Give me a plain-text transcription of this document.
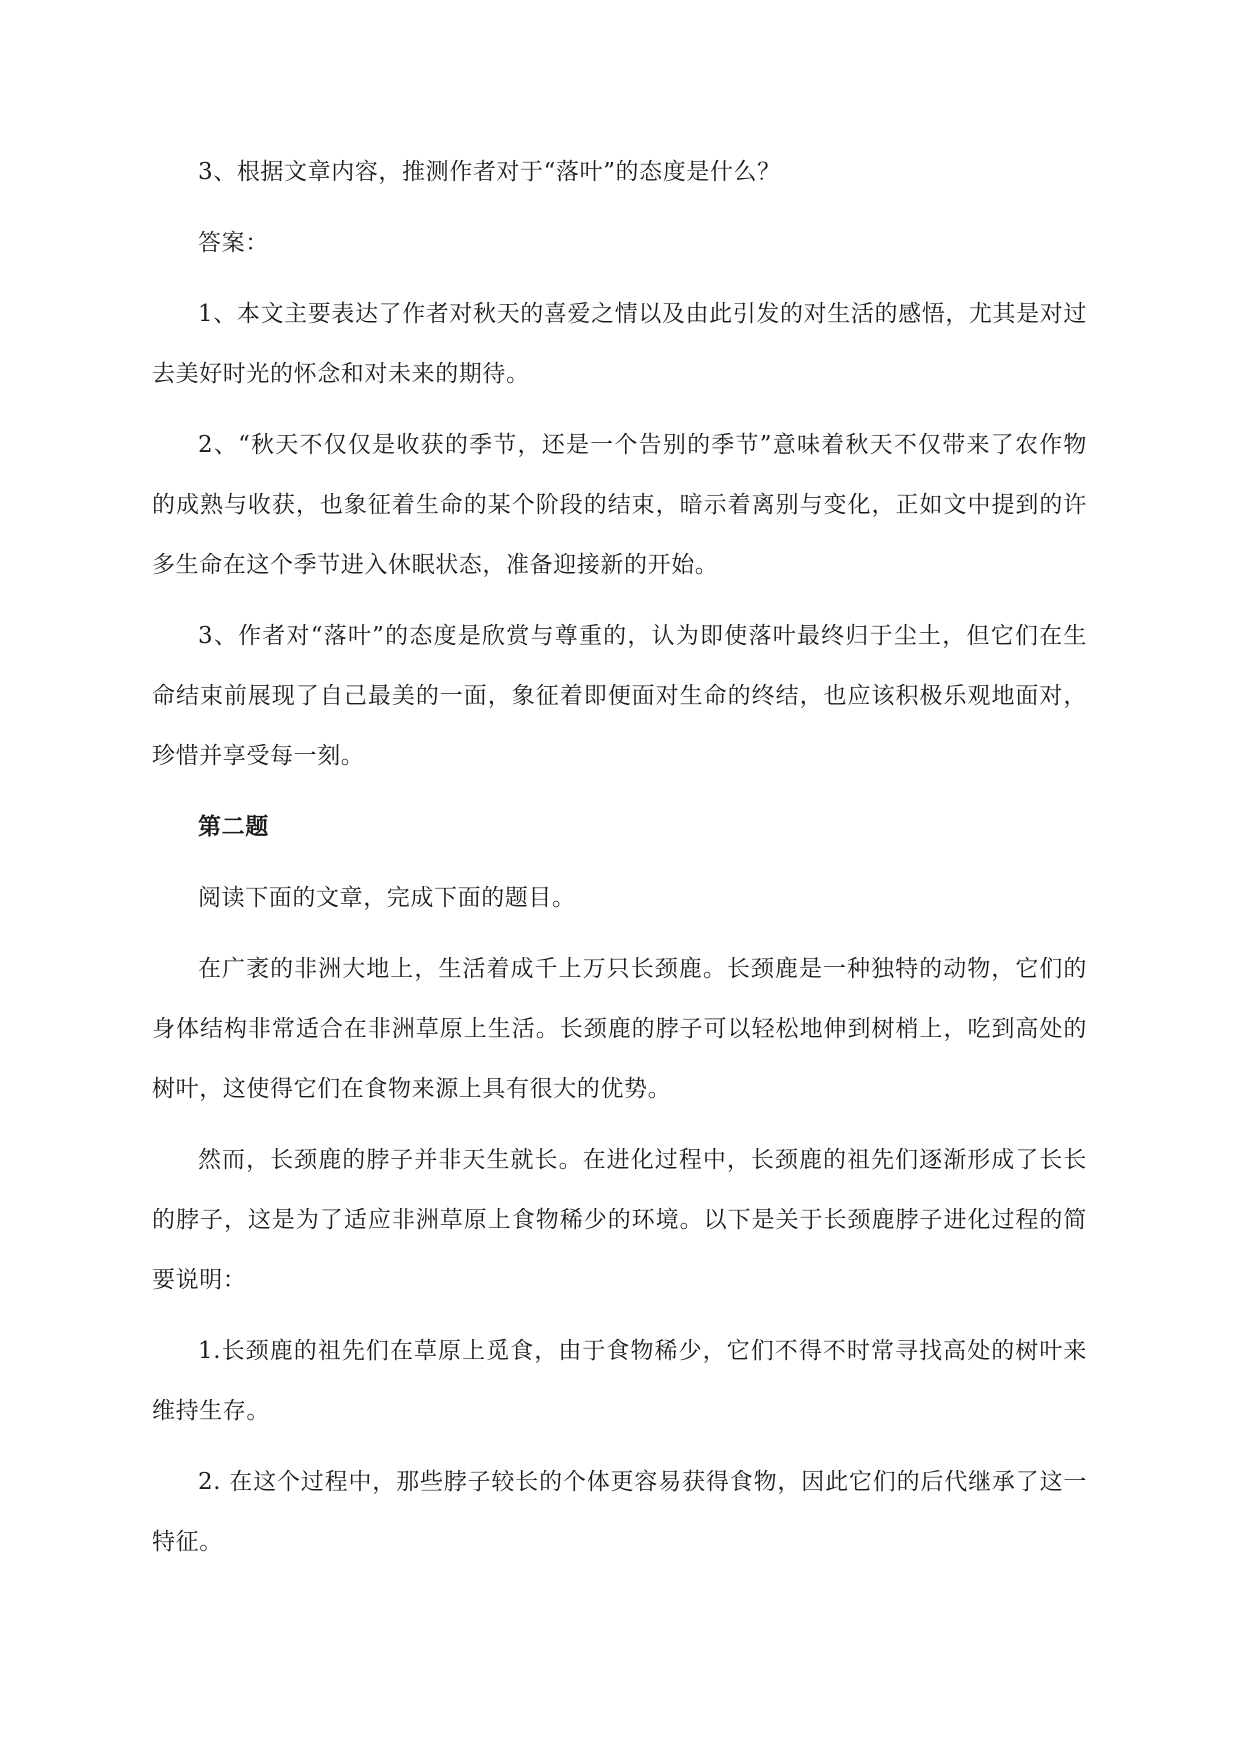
3、根据文章内容，推测作者对于“落叶”的态度是什么？

答案：

1、本文主要表达了作者对秋天的喜爱之情以及由此引发的对生活的感悟，尤其是对过去美好时光的怀念和对未来的期待。

2、“秋天不仅仅是收获的季节，还是一个告别的季节”意味着秋天不仅带来了农作物的成熟与收获，也象征着生命的某个阶段的结束，暗示着离别与变化，正如文中提到的许多生命在这个季节进入休眠状态，准备迎接新的开始。

3、作者对“落叶”的态度是欣赏与尊重的，认为即使落叶最终归于尘土，但它们在生命结束前展现了自己最美的一面，象征着即便面对生命的终结，也应该积极乐观地面对，珍惜并享受每一刻。

第二题

阅读下面的文章，完成下面的题目。

在广袤的非洲大地上，生活着成千上万只长颈鹿。长颈鹿是一种独特的动物，它们的身体结构非常适合在非洲草原上生活。长颈鹿的脖子可以轻松地伸到树梢上，吃到高处的树叶，这使得它们在食物来源上具有很大的优势。

然而，长颈鹿的脖子并非天生就长。在进化过程中，长颈鹿的祖先们逐渐形成了长长的脖子，这是为了适应非洲草原上食物稀少的环境。以下是关于长颈鹿脖子进化过程的简要说明：

1.长颈鹿的祖先们在草原上觅食，由于食物稀少，它们不得不时常寻找高处的树叶来维持生存。

2. 在这个过程中，那些脖子较长的个体更容易获得食物，因此它们的后代继承了这一特征。
